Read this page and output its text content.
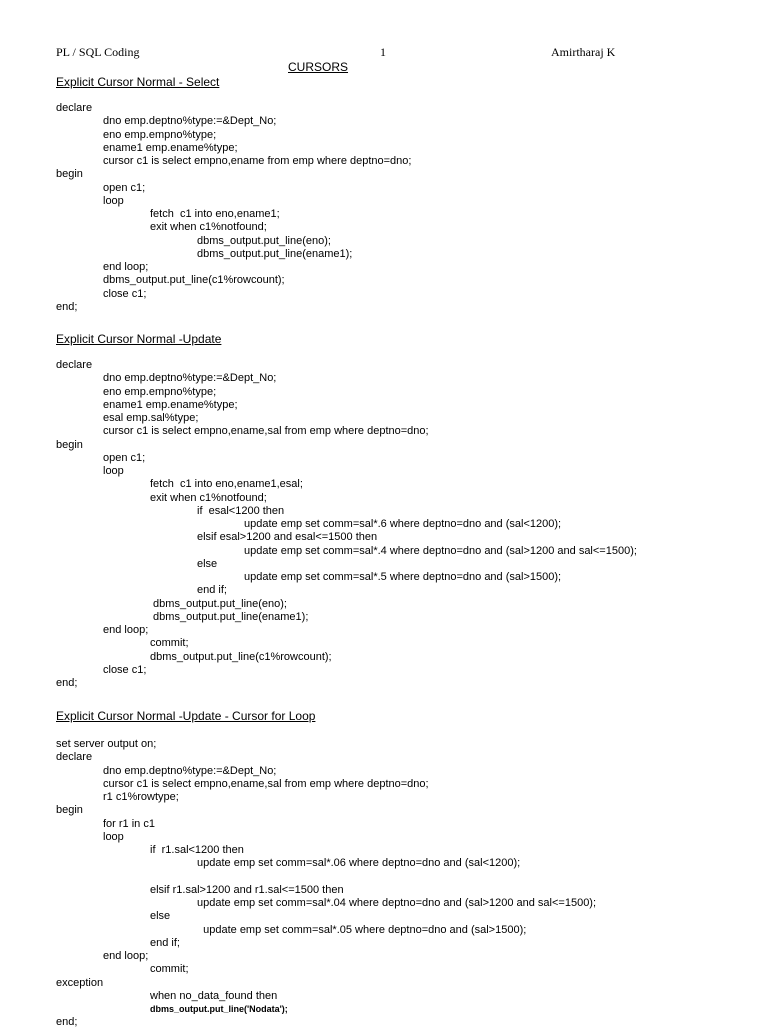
PL / SQL Coding	1	Amirtharaj K
CURSORS
Explicit Cursor Normal - Select
declare
dno emp.deptno%type:=&Dept_No;
eno emp.empno%type;
ename1 emp.ename%type;
cursor c1 is select empno,ename from emp where deptno=dno;
begin
open c1;
loop
fetch  c1 into eno,ename1;
exit when c1%notfound;
dbms_output.put_line(eno);
dbms_output.put_line(ename1);
end loop;
dbms_output.put_line(c1%rowcount);
close c1;
end;
Explicit Cursor Normal -Update
declare
dno emp.deptno%type:=&Dept_No;
eno emp.empno%type;
ename1 emp.ename%type;
esal emp.sal%type;
cursor c1 is select empno,ename,sal from emp where deptno=dno;
begin
open c1;
loop
fetch  c1 into eno,ename1,esal;
exit when c1%notfound;
if  esal<1200 then
update emp set comm=sal*.6 where deptno=dno and (sal<1200);
elsif esal>1200 and esal<=1500 then
update emp set comm=sal*.4 where deptno=dno and (sal>1200 and sal<=1500);
else
update emp set comm=sal*.5 where deptno=dno and (sal>1500);
end if;
dbms_output.put_line(eno);
dbms_output.put_line(ename1);
end loop;
commit;
dbms_output.put_line(c1%rowcount);
close c1;
end;
Explicit Cursor Normal -Update - Cursor for Loop
set server output on;
declare
dno emp.deptno%type:=&Dept_No;
cursor c1 is select empno,ename,sal from emp where deptno=dno;
r1 c1%rowtype;
begin
for r1 in c1
loop
if  r1.sal<1200 then
update emp set comm=sal*.06 where deptno=dno and (sal<1200);
elsif r1.sal>1200 and r1.sal<=1500 then
update emp set comm=sal*.04 where deptno=dno and (sal>1200 and sal<=1500);
else
update emp set comm=sal*.05 where deptno=dno and (sal>1500);
end if;
end loop;
commit;
exception
when no_data_found then
dbms_output.put_line('Nodata');
end;
